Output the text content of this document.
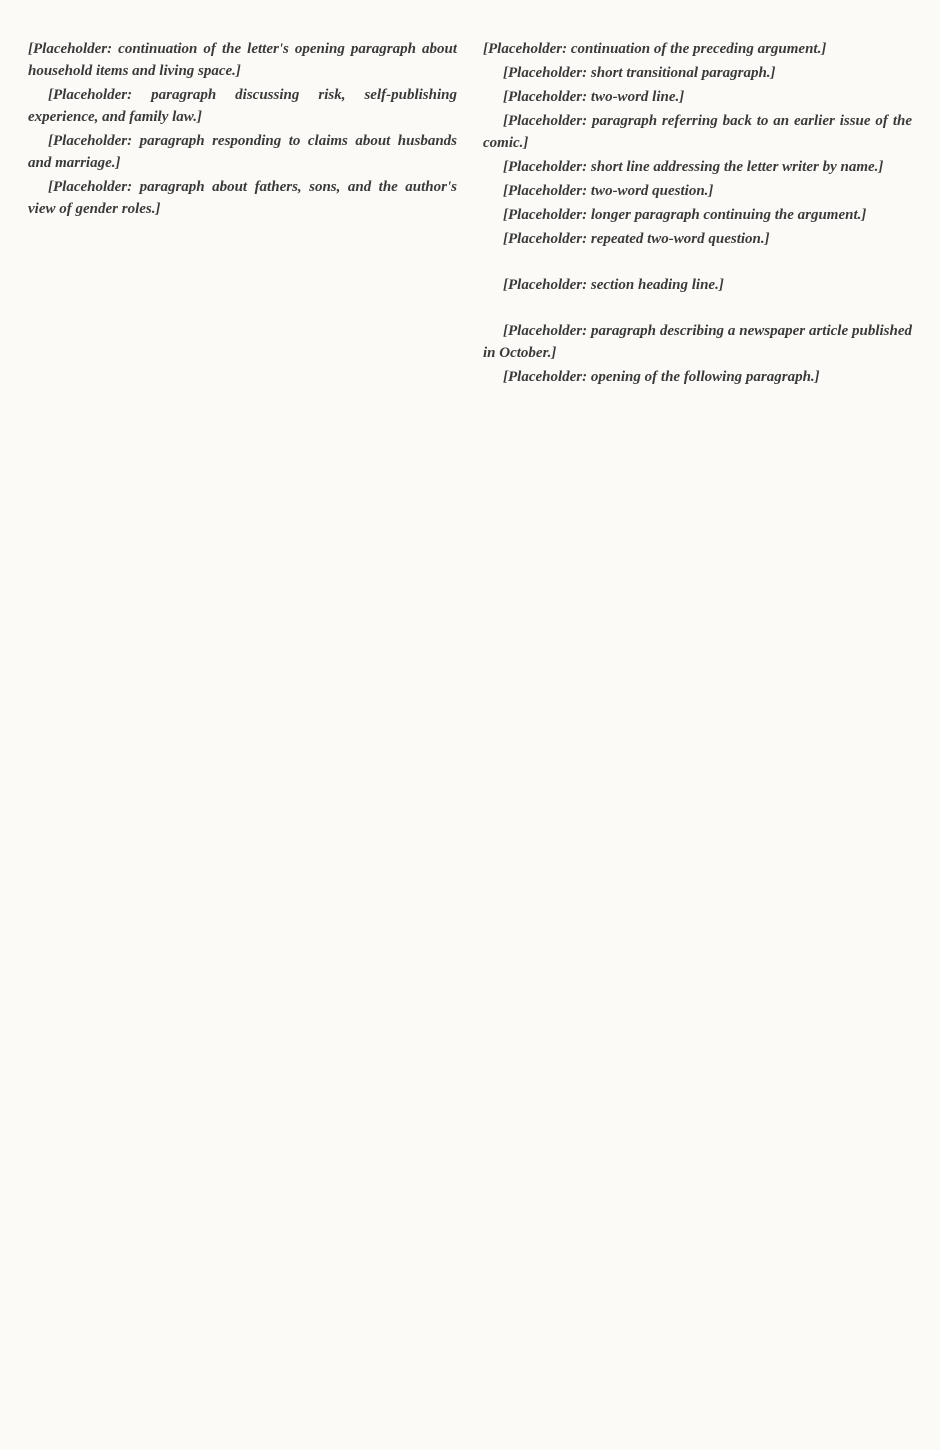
[Placeholder: continuation of the letter's opening paragraph about household items and living space.]

[Placeholder: paragraph discussing risk, self-publishing experience, and family law.]

[Placeholder: paragraph responding to claims about husbands and marriage.]

[Placeholder: paragraph about fathers, sons, and the author's view of gender roles.]

[Placeholder: continuation of the preceding argument.]

[Placeholder: short transitional paragraph.]

[Placeholder: two-word line.]

[Placeholder: paragraph referring back to an earlier issue of the comic.]

[Placeholder: short line addressing the letter writer by name.]

[Placeholder: two-word question.]

[Placeholder: longer paragraph continuing the argument.]

[Placeholder: repeated two-word question.]

[Placeholder: section heading line.]

[Placeholder: paragraph describing a newspaper article published in October.]

[Placeholder: opening of the following paragraph.]
